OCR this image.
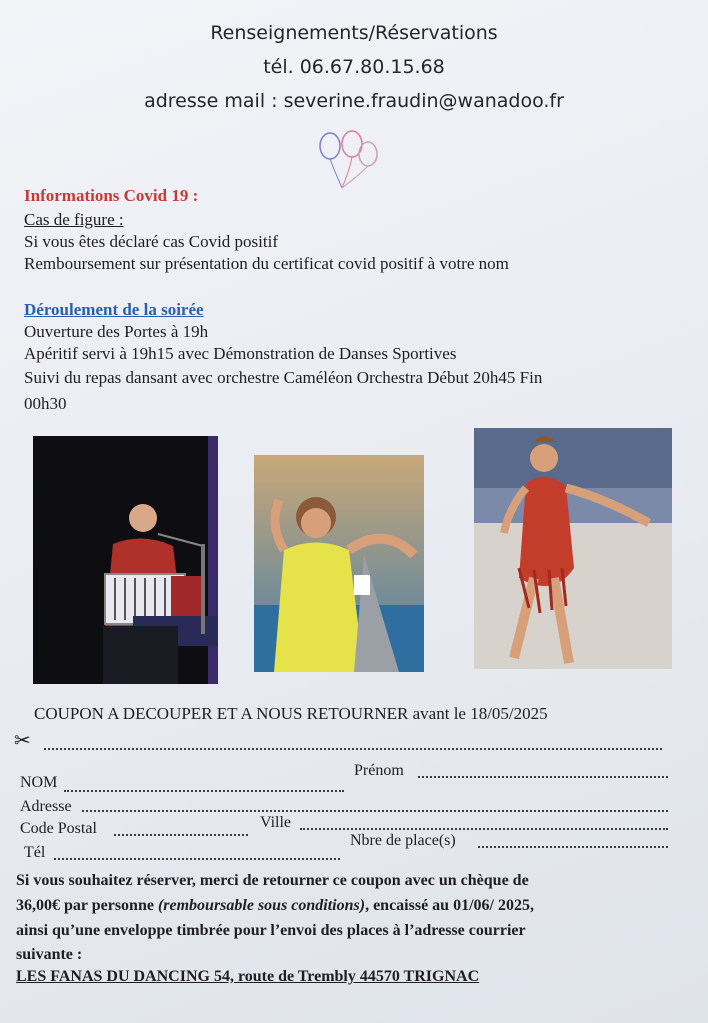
Renseignements/Réservations
tél. 06.67.80.15.68
adresse mail : severine.fraudin@wanadoo.fr
Informations Covid 19 :
Cas de figure :
Si vous êtes déclaré cas Covid positif
Remboursement sur présentation du certificat covid positif à votre nom
Déroulement de la soirée
Ouverture des Portes à 19h
Apéritif servi à 19h15 avec Démonstration de Danses Sportives
Suivi du repas dansant avec orchestre Caméléon Orchestra Début 20h45 Fin
00h30
COUPON A DECOUPER ET A NOUS RETOURNER avant le 18/05/2025
✂
NOM
Prénom
Adresse
Code Postal	Ville
Tél
Nbre de place(s)
Si vous souhaitez réserver, merci de retourner ce coupon avec un chèque de
36,00€ par personne (remboursable sous conditions), encaissé au 01/06/ 2025,
ainsi qu’une enveloppe timbrée pour l’envoi des places à l’adresse courrier
suivante :
LES FANAS DU DANCING 54, route de Trembly 44570 TRIGNAC
